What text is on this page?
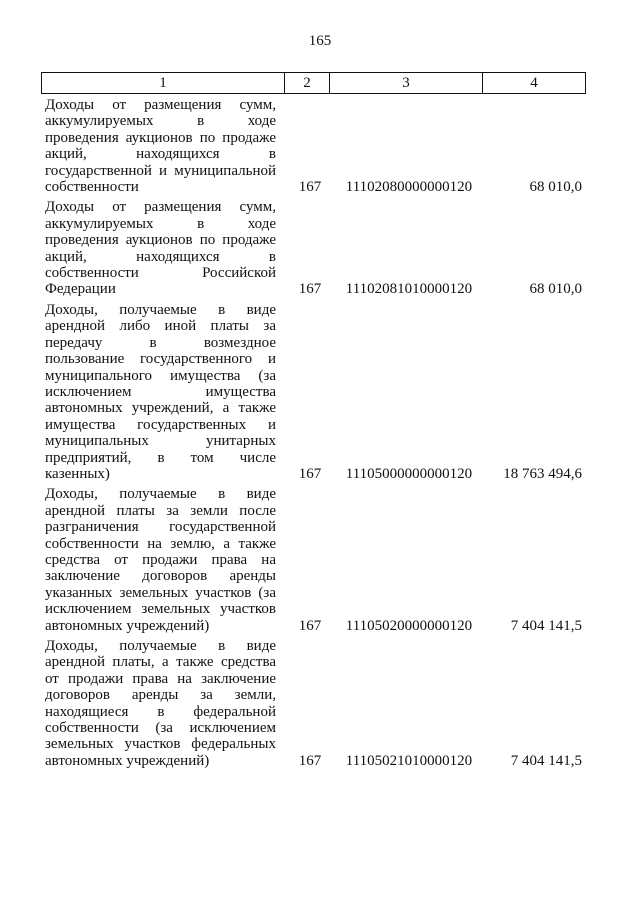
165
1	2	3	4
Доходы от размещения сумм,
аккумулируемых в ходе
проведения аукционов по продаже
акций, находящихся в
государственной и муниципальной
собственности	167	11102080000000120	68 010,0
Доходы от размещения сумм,
аккумулируемых в ходе
проведения аукционов по продаже
акций, находящихся в
собственности Российской
Федерации	167	11102081010000120	68 010,0
Доходы, получаемые в виде
арендной либо иной платы за
передачу в возмездное
пользование государственного и
муниципального имущества (за
исключением имущества
автономных учреждений, а также
имущества государственных и
муниципальных унитарных
предприятий, в том числе
казенных)	167	11105000000000120	18 763 494,6
Доходы, получаемые в виде
арендной платы за земли после
разграничения государственной
собственности на землю, а также
средства от продажи права на
заключение договоров аренды
указанных земельных участков (за
исключением земельных участков
автономных учреждений)	167	11105020000000120	7 404 141,5
Доходы, получаемые в виде
арендной платы, а также средства
от продажи права на заключение
договоров аренды за земли,
находящиеся в федеральной
собственности (за исключением
земельных участков федеральных
автономных учреждений)	167	11105021010000120	7 404 141,5
